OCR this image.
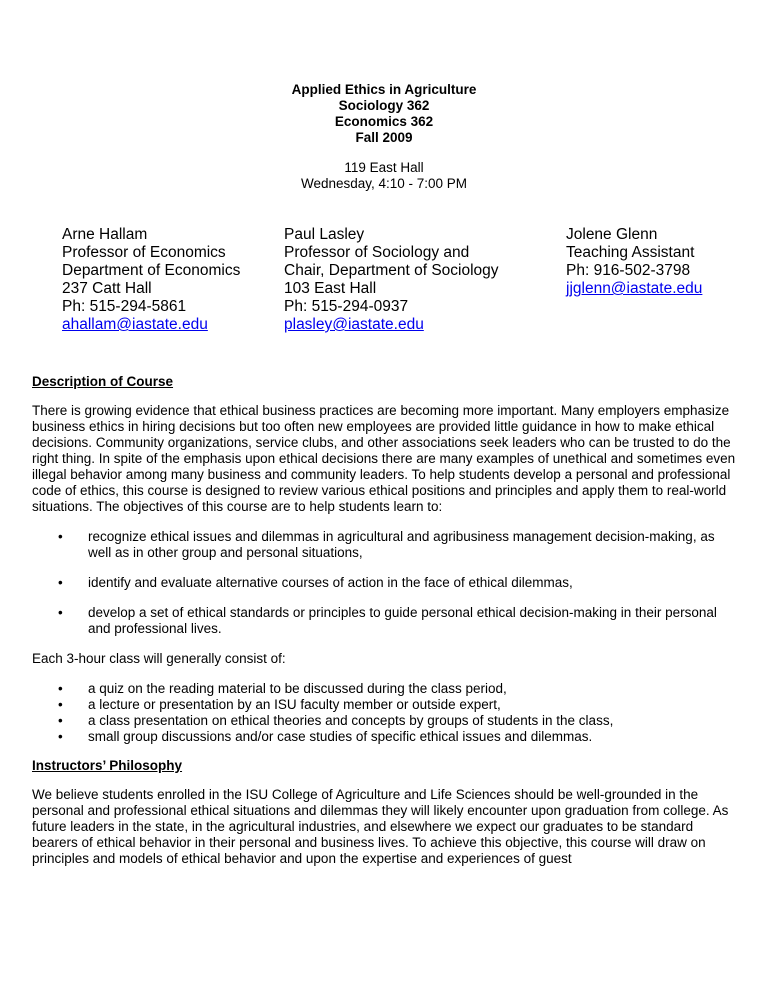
Applied Ethics in Agriculture
Sociology 362
Economics 362
Fall 2009
119 East Hall
Wednesday, 4:10 - 7:00 PM
Arne Hallam
Professor of Economics
Department of Economics
237 Catt Hall
Ph: 515-294-5861
ahallam@iastate.edu
Paul Lasley
Professor of Sociology and
Chair, Department of Sociology
103 East Hall
Ph: 515-294-0937
plasley@iastate.edu
Jolene Glenn
Teaching Assistant
Ph: 916-502-3798
jjglenn@iastate.edu
Description of Course

There is growing evidence that ethical business practices are becoming more important. Many employers emphasize business ethics in hiring decisions but too often new employees are provided little guidance in how to make ethical decisions. Community organizations, service clubs, and other associations seek leaders who can be trusted to do the right thing. In spite of the emphasis upon ethical decisions there are many examples of unethical and sometimes even illegal behavior among many business and community leaders. To help students develop a personal and professional code of ethics, this course is designed to review various ethical positions and principles and apply them to real-world situations. The objectives of this course are to help students learn to:

• recognize ethical issues and dilemmas in agricultural and agribusiness management decision-making, as well as in other group and personal situations,
• identify and evaluate alternative courses of action in the face of ethical dilemmas,
• develop a set of ethical standards or principles to guide personal ethical decision-making in their personal and professional lives.

Each 3-hour class will generally consist of:

• a quiz on the reading material to be discussed during the class period,
• a lecture or presentation by an ISU faculty member or outside expert,
• a class presentation on ethical theories and concepts by groups of students in the class,
• small group discussions and/or case studies of specific ethical issues and dilemmas.
Instructors’ Philosophy

We believe students enrolled in the ISU College of Agriculture and Life Sciences should be well-grounded in the personal and professional ethical situations and dilemmas they will likely encounter upon graduation from college. As future leaders in the state, in the agricultural industries, and elsewhere we expect our graduates to be standard bearers of ethical behavior in their personal and business lives. To achieve this objective, this course will draw on principles and models of ethical behavior and upon the expertise and experiences of guest
